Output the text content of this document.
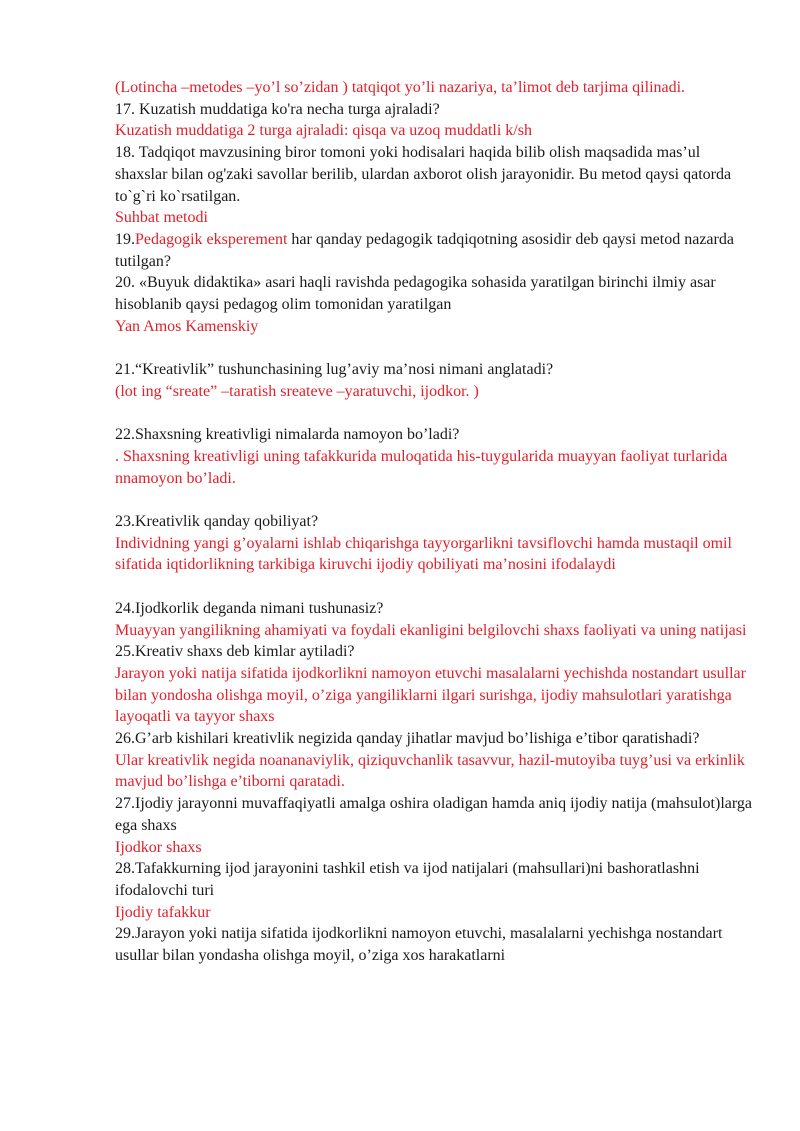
(Lotincha –metodes –yo’l so’zidan ) tatqiqot yo’li nazariya, ta’limot deb tarjima qilinadi.

17. Kuzatish muddatiga ko'ra necha turga ajraladi?

Kuzatish muddatiga 2 turga ajraladi: qisqa va uzoq muddatli k/sh

18. Tadqiqot mavzusining biror tomoni yoki hodisalari haqida bilib olish maqsadida mas’ul shaxslar bilan og'zaki savollar berilib, ulardan axborot olish jarayonidir. Bu metod qaysi qatorda to`g`ri ko`rsatilgan.

Suhbat metodi

19.Pedagogik eksperement har qanday pedagogik tadqiqotning asosidir deb qaysi metod nazarda tutilgan?

20. «Buyuk didaktika» asari haqli ravishda pedagogika sohasida yaratilgan birinchi ilmiy asar hisoblanib qaysi pedagog olim tomonidan yaratilgan

Yan Amos Kamenskiy

21.“Kreativlik” tushunchasining lug’aviy ma’nosi nimani anglatadi?

(lot ing “sreate” –taratish sreateve –yaratuvchi, ijodkor. )

22.Shaxsning kreativligi nimalarda namoyon bo’ladi?

. Shaxsning kreativligi uning tafakkurida muloqatida his-tuygularida muayyan faoliyat turlarida nnamoyon bo’ladi.

23.Kreativlik qanday qobiliyat?

Individning yangi g’oyalarni ishlab chiqarishga tayyorgarlikni tavsiflovchi hamda mustaqil omil sifatida iqtidorlikning tarkibiga kiruvchi ijodiy qobiliyati ma’nosini ifodalaydi

24.Ijodkorlik deganda nimani tushunasiz?

Muayyan yangilikning ahamiyati va foydali ekanligini belgilovchi shaxs faoliyati va uning natijasi

25.Kreativ shaxs deb kimlar aytiladi?

Jarayon yoki natija sifatida ijodkorlikni namoyon etuvchi masalalarni yechishda nostandart usullar bilan yondosha olishga moyil, o’ziga yangiliklarni ilgari surishga, ijodiy mahsulotlari yaratishga layoqatli va tayyor shaxs

26.G’arb kishilari kreativlik negizida qanday jihatlar mavjud bo’lishiga e’tibor qaratishadi?

Ular kreativlik negida noananaviylik, qiziquvchanlik tasavvur, hazil-mutoyiba tuyg’usi va erkinlik mavjud bo’lishga e’tiborni qaratadi.

27.Ijodiy jarayonni muvaffaqiyatli amalga oshira oladigan hamda aniq ijodiy natija (mahsulot)larga ega shaxs

Ijodkor shaxs

28.Tafakkurning ijod jarayonini tashkil etish va ijod natijalari (mahsullari)ni bashoratlashni ifodalovchi turi

Ijodiy tafakkur

29.Jarayon yoki natija sifatida ijodkorlikni namoyon etuvchi, masalalarni yechishga nostandart usullar bilan yondasha olishga moyil, o’ziga xos harakatlarni
